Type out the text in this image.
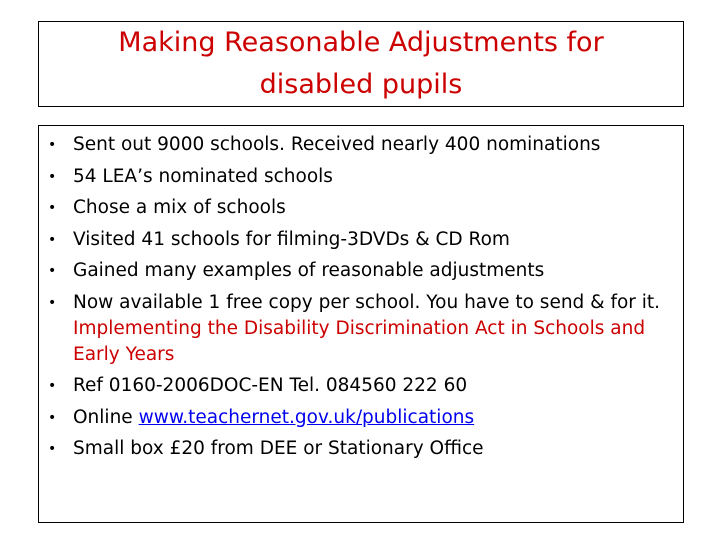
Making Reasonable Adjustments for disabled pupils
• Sent out 9000 schools. Received nearly 400 nominations
• 54 LEA’s nominated schools
• Chose a mix of schools
• Visited 41 schools for filming-3DVDs & CD Rom
• Gained many examples of reasonable adjustments
• Now available 1 free copy per school. You have to send & for it. Implementing the Disability Discrimination Act in Schools and Early Years
• Ref 0160-2006DOC-EN Tel. 084560 222 60
• Online www.teachernet.gov.uk/publications
• Small box £20 from DEE or Stationary Office
